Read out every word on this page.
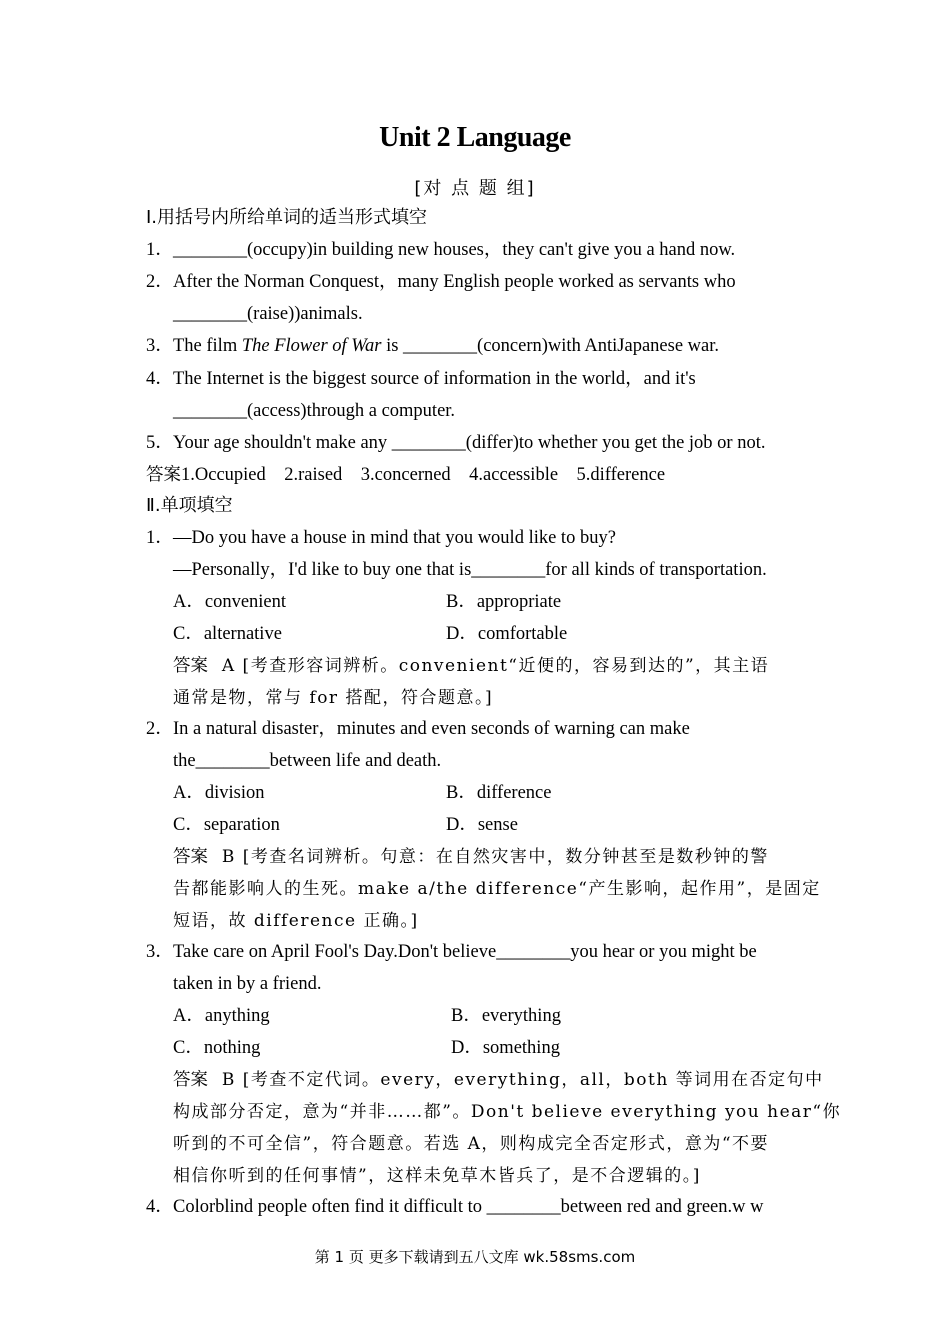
Unit 2 Language
[对 点 题 组]
Ⅰ.用括号内所给单词的适当形式填空
1． ________(occupy)in building new houses，they can't give you a hand now.
2． After the Norman Conquest，many English people worked as servants who
________(raise))animals.
3． The film The Flower of War is ________(concern)with AntiJapanese war.
4． The Internet is the biggest source of information in the world，and it's
________(access)through a computer.
5． Your age shouldn't make any ________(differ)to whether you get the job or not.
答案1.Occupied    2.raised    3.concerned    4.accessible    5.difference
Ⅱ.单项填空
1． —Do you have a house in mind that you would like to buy?
—Personally，I'd like to buy one that is________for all kinds of transportation.
A．convenient	B．appropriate
C．alternative	D．comfortable
答案 A [考查形容词辨析。convenient“近便的，容易到达的”，其主语
通常是物，常与 for 搭配，符合题意。]
2． In a natural disaster，minutes and even seconds of warning can make
the________between life and death.
A．division	B．difference
C．separation	D．sense
答案 B [考查名词辨析。句意：在自然灾害中，数分钟甚至是数秒钟的警
告都能影响人的生死。make a/the difference“产生影响，起作用”，是固定
短语，故 difference 正确。]
3． Take care on April Fool's Day.Don't believe________you hear or you might be
taken in by a friend.
A．anything	B．everything
C．nothing	D．something
答案 B [考查不定代词。every，everything，all，both 等词用在否定句中
构成部分否定，意为“并非……都”。Don't believe everything you hear“你
听到的不可全信”，符合题意。若选 A，则构成完全否定形式，意为“不要
相信你听到的任何事情”，这样未免草木皆兵了，是不合逻辑的。]
4． Colorblind people often find it difficult to ________between red and green.w w
第 1 页 更多下载请到五八文库 wk.58sms.com
